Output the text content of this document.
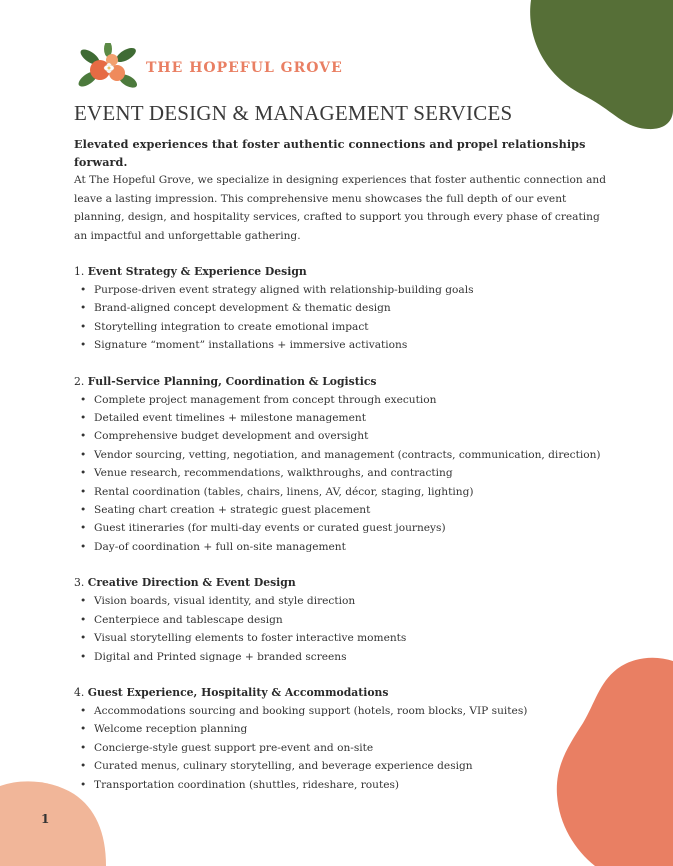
THE HOPEFUL GROVE
EVENT DESIGN & MANAGEMENT SERVICES
Elevated experiences that foster authentic connections and propel relationships forward.
At The Hopeful Grove, we specialize in designing experiences that foster authentic connection and
leave a lasting impression. This comprehensive menu showcases the full depth of our event
planning, design, and hospitality services, crafted to support you through every phase of creating
an impactful and unforgettable gathering.
1.
Event Strategy & Experience Design
• Purpose-driven event strategy aligned with relationship-building goals
• Brand-aligned concept development & thematic design
• Storytelling integration to create emotional impact
• Signature “moment” installations + immersive activations
2.
Full-Service Planning, Coordination & Logistics
• Complete project management from concept through execution
• Detailed event timelines + milestone management
• Comprehensive budget development and oversight
• Vendor sourcing, vetting, negotiation, and management (contracts, communication, direction)
• Venue research, recommendations, walkthroughs, and contracting
• Rental coordination (tables, chairs, linens, AV, décor, staging, lighting)
• Seating chart creation + strategic guest placement
• Guest itineraries (for multi-day events or curated guest journeys)
• Day-of coordination + full on-site management
3.
Creative Direction & Event Design
• Vision boards, visual identity, and style direction
• Centerpiece and tablescape design
• Visual storytelling elements to foster interactive moments
• Digital and Printed signage + branded screens
4.
Guest Experience, Hospitality & Accommodations
• Accommodations sourcing and booking support (hotels, room blocks, VIP suites)
• Welcome reception planning
• Concierge-style guest support pre-event and on-site
• Curated menus, culinary storytelling, and beverage experience design
• Transportation coordination (shuttles, rideshare, routes)
1
